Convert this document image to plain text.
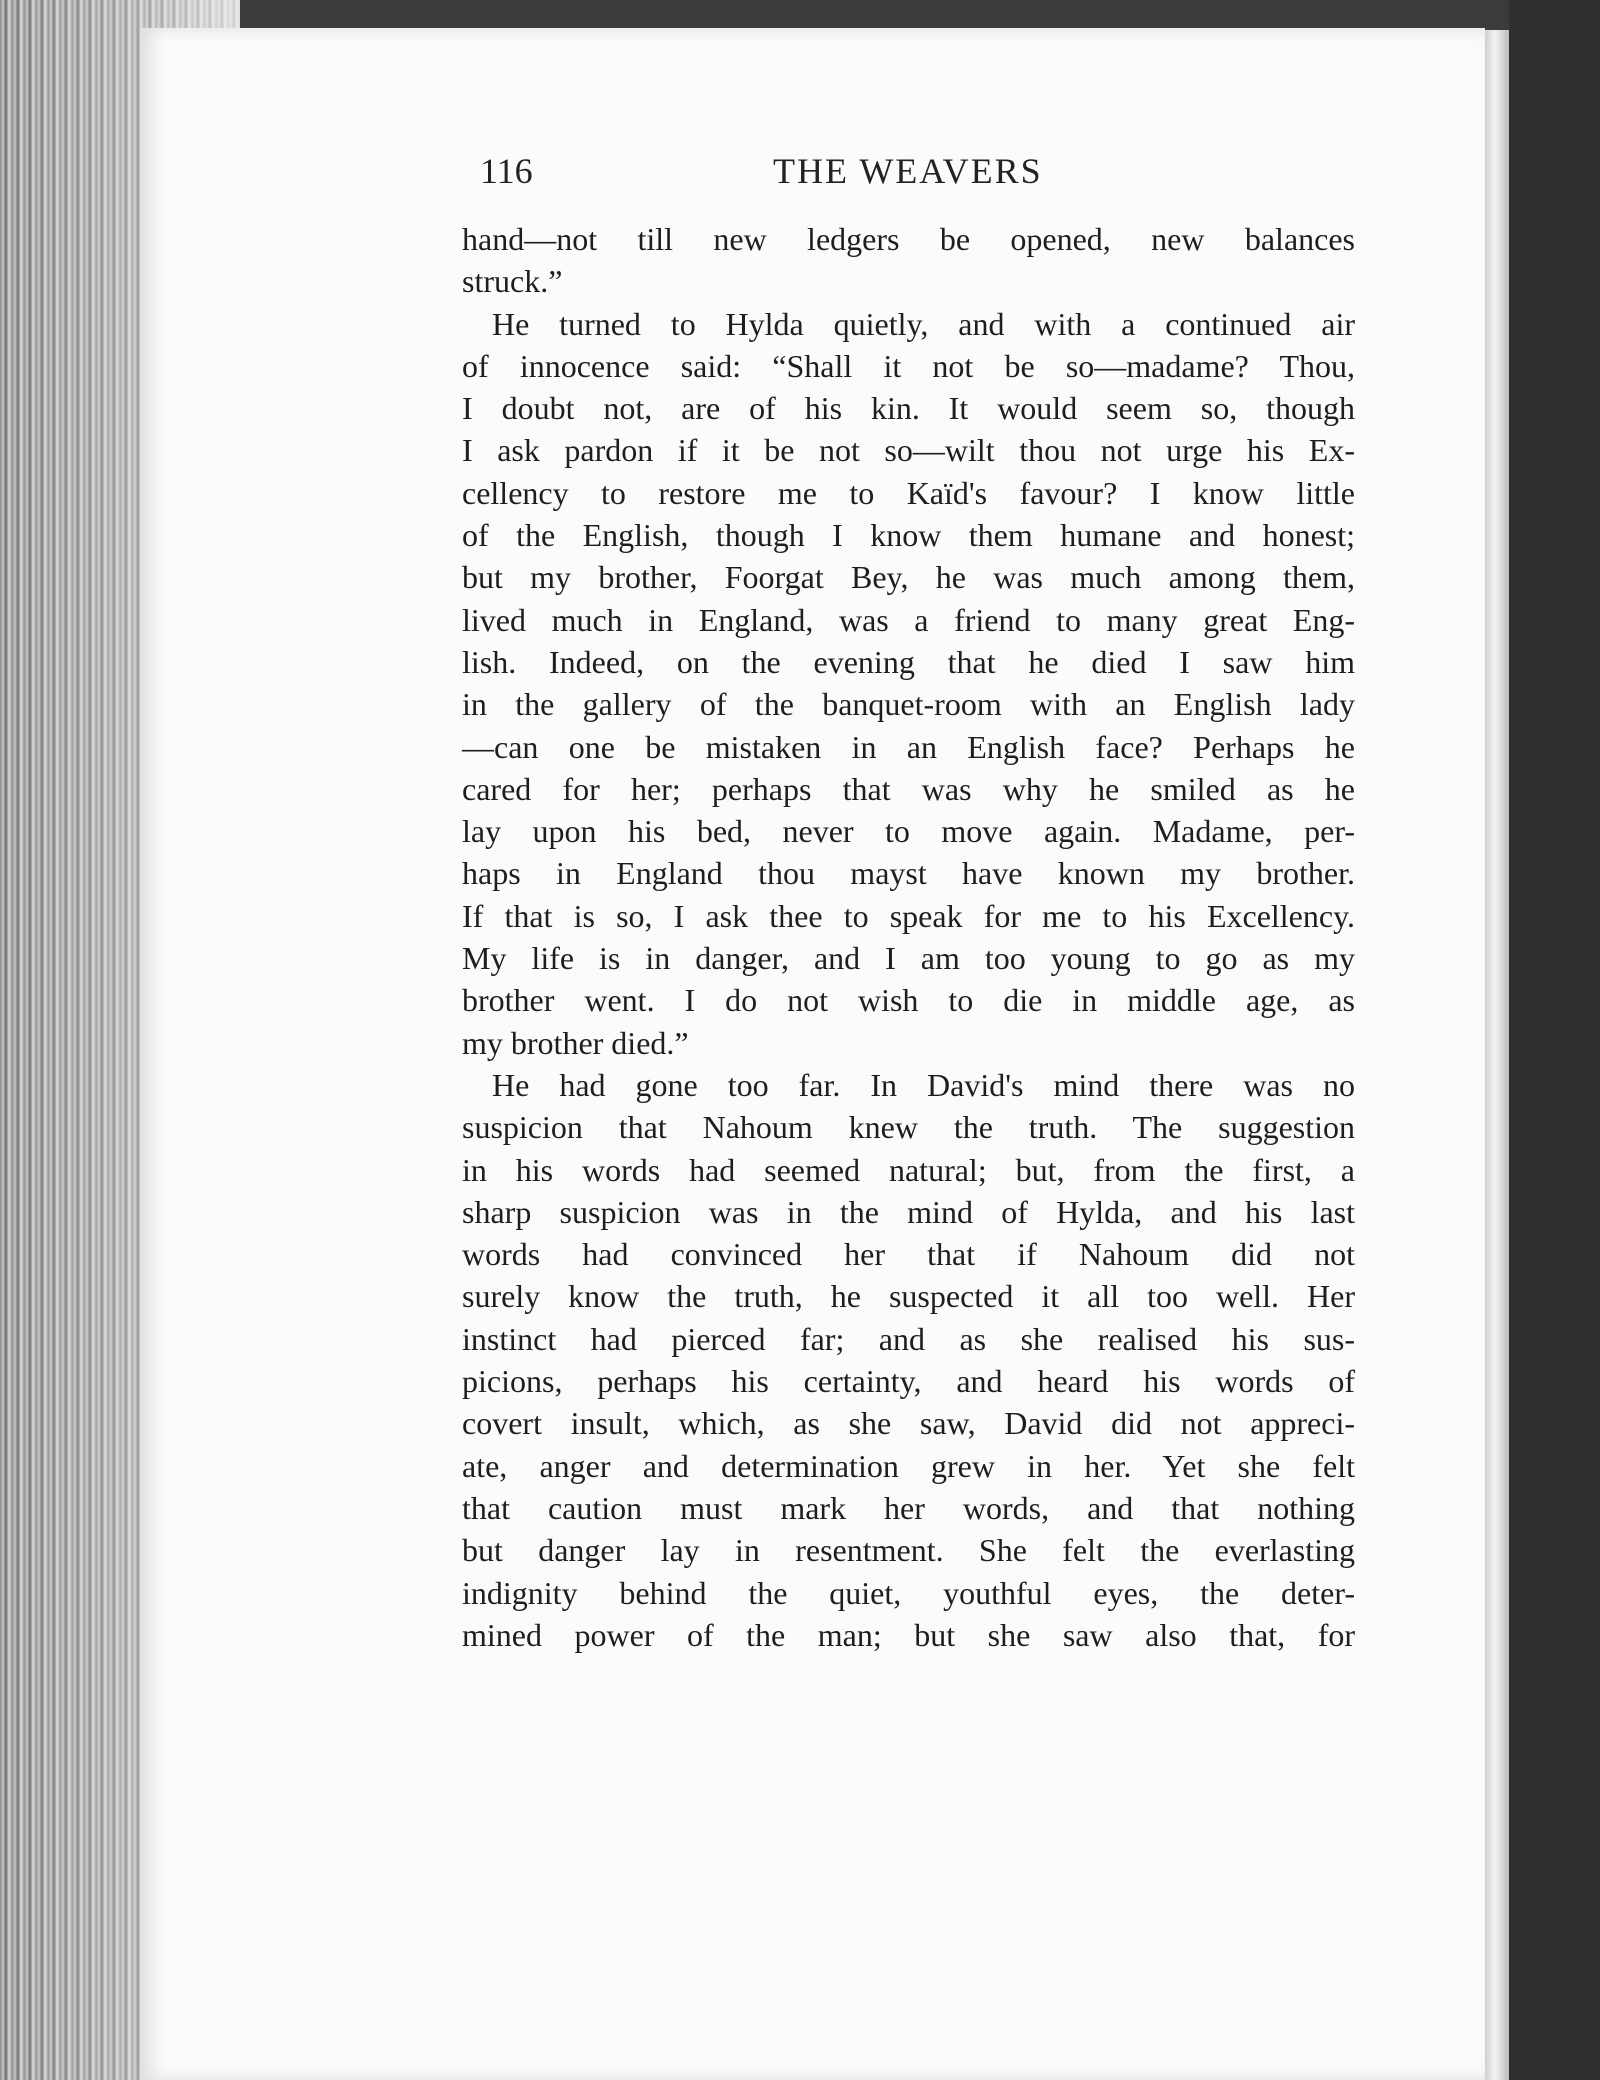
116	THE WEAVERS
hand—not till new ledgers be opened, new balances
struck.”
He turned to Hylda quietly, and with a continued air
of innocence said: “Shall it not be so—madame? Thou,
I doubt not, are of his kin. It would seem so, though
I ask pardon if it be not so—wilt thou not urge his Ex-
cellency to restore me to Kaïd's favour? I know little
of the English, though I know them humane and honest;
but my brother, Foorgat Bey, he was much among them,
lived much in England, was a friend to many great Eng-
lish. Indeed, on the evening that he died I saw him
in the gallery of the banquet-room with an English lady
—can one be mistaken in an English face? Perhaps he
cared for her; perhaps that was why he smiled as he
lay upon his bed, never to move again. Madame, per-
haps in England thou mayst have known my brother.
If that is so, I ask thee to speak for me to his Excellency.
My life is in danger, and I am too young to go as my
brother went. I do not wish to die in middle age, as
my brother died.”
He had gone too far. In David's mind there was no
suspicion that Nahoum knew the truth. The suggestion
in his words had seemed natural; but, from the first, a
sharp suspicion was in the mind of Hylda, and his last
words had convinced her that if Nahoum did not
surely know the truth, he suspected it all too well. Her
instinct had pierced far; and as she realised his sus-
picions, perhaps his certainty, and heard his words of
covert insult, which, as she saw, David did not appreci-
ate, anger and determination grew in her. Yet she felt
that caution must mark her words, and that nothing
but danger lay in resentment. She felt the everlasting
indignity behind the quiet, youthful eyes, the deter-
mined power of the man; but she saw also that, for
